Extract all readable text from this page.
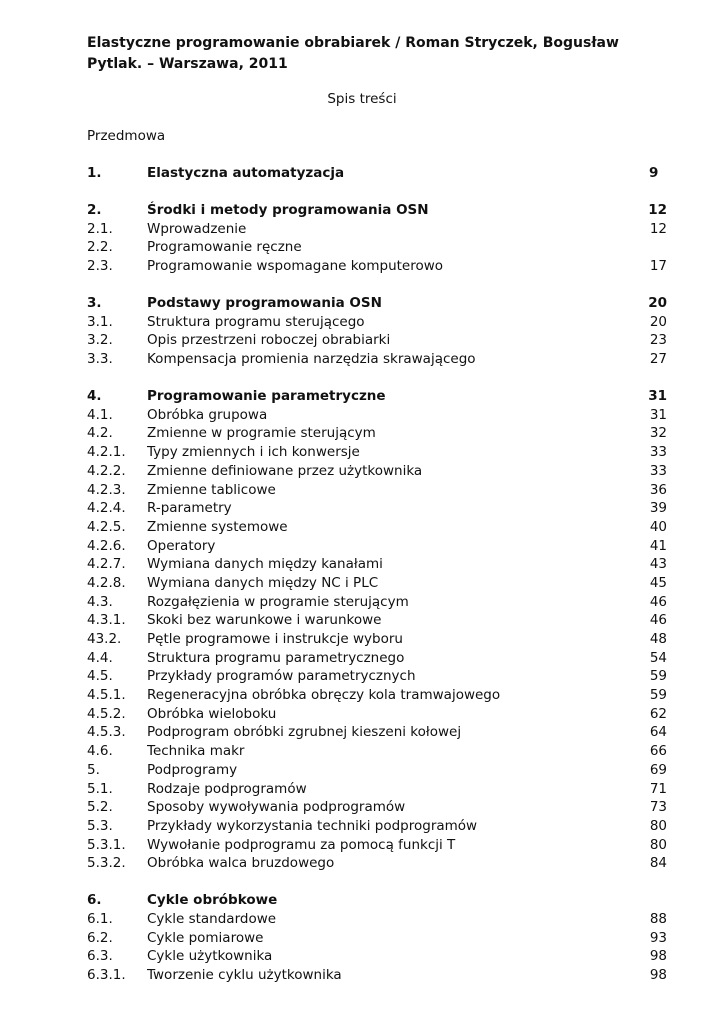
Elastyczne programowanie obrabiarek / Roman Stryczek, Bogusław Pytlak. – Warszawa, 2011
Spis treści
Przedmowa
1.	Elastyczna automatyzacja	9
2.	Środki i metody programowania OSN	12
2.1.	Wprowadzenie	12
2.2.	Programowanie ręczne
2.3.	Programowanie wspomagane komputerowo	17
3.	Podstawy programowania OSN	20
3.1.	Struktura programu sterującego	20
3.2.	Opis przestrzeni roboczej obrabiarki	23
3.3.	Kompensacja promienia narzędzia skrawającego	27
4.	Programowanie parametryczne	31
4.1.	Obróbka grupowa	31
4.2.	Zmienne w programie sterującym	32
4.2.1.	Typy zmiennych i ich konwersje	33
4.2.2.	Zmienne definiowane przez użytkownika	33
4.2.3.	Zmienne tablicowe	36
4.2.4.	R-parametry	39
4.2.5.	Zmienne systemowe	40
4.2.6.	Operatory	41
4.2.7.	Wymiana danych między kanałami	43
4.2.8.	Wymiana danych między NC i PLC	45
4.3.	Rozgałęzienia w programie sterującym	46
4.3.1.	Skoki bez warunkowe i warunkowe	46
43.2.	Pętle programowe i instrukcje wyboru	48
4.4.	Struktura programu parametrycznego	54
4.5.	Przykłady programów parametrycznych	59
4.5.1.	Regeneracyjna obróbka obręczy kola tramwajowego	59
4.5.2.	Obróbka wieloboku	62
4.5.3.	Podprogram obróbki zgrubnej kieszeni kołowej	64
4.6.	Technika makr	66
5.	Podprogramy	69
5.1.	Rodzaje podprogramów	71
5.2.	Sposoby wywoływania podprogramów	73
5.3.	Przykłady wykorzystania techniki podprogramów	80
5.3.1.	Wywołanie podprogramu za pomocą funkcji T	80
5.3.2.	Obróbka walca bruzdowego	84
6.	Cykle obróbkowe
6.1.	Cykle standardowe	88
6.2.	Cykle pomiarowe	93
6.3.	Cykle użytkownika	98
6.3.1.	Tworzenie cyklu użytkownika	98
